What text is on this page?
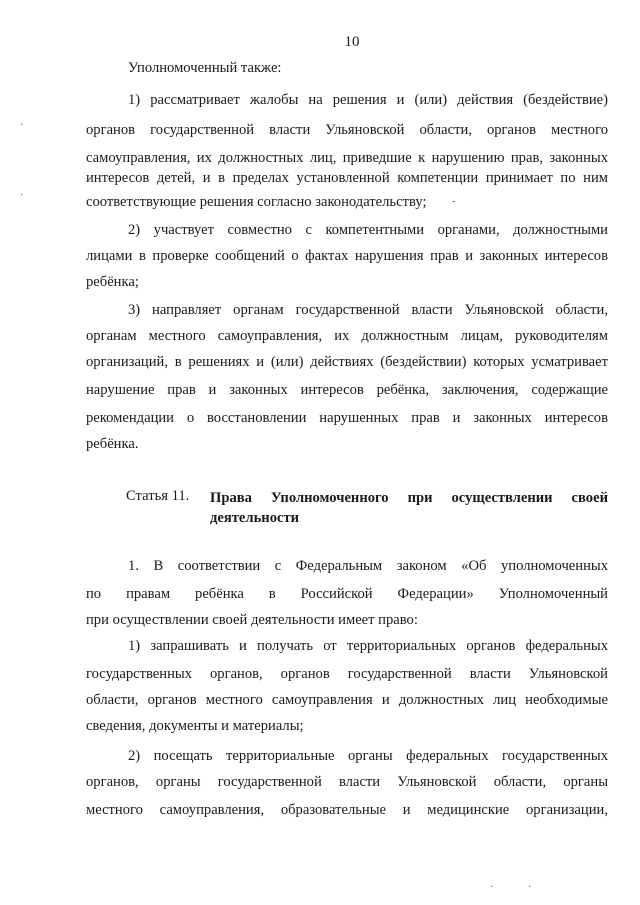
10
Уполномоченный также:
1) рассматривает жалобы на решения и (или) действия (бездействие)
органов государственной власти Ульяновской области, органов местного
самоуправления, их должностных лиц, приведшие к нарушению прав, законных
интересов детей, и в пределах установленной компетенции принимает по ним
соответствующие решения согласно законодательству;
2) участвует совместно с компетентными органами, должностными
лицами в проверке сообщений о фактах нарушения прав и законных интересов
ребёнка;
3) направляет органам государственной власти Ульяновской области,
органам местного самоуправления, их должностным лицам, руководителям
организаций, в решениях и (или) действиях (бездействии) которых усматривает
нарушение прав и законных интересов ребёнка, заключения, содержащие
рекомендации о восстановлении нарушенных прав и законных интересов
ребёнка.
Статья 11. Права Уполномоченного при осуществлении своей
деятельности
1. В соответствии с Федеральным законом «Об уполномоченных
по правам ребёнка в Российской Федерации» Уполномоченный
при осуществлении своей деятельности имеет право:
1) запрашивать и получать от территориальных органов федеральных
государственных органов, органов государственной власти Ульяновской
области, органов местного самоуправления и должностных лиц необходимые
сведения, документы и материалы;
2) посещать территориальные органы федеральных государственных
органов, органы государственной власти Ульяновской области, органы
местного самоуправления, образовательные и медицинские организации,
·
·
-
·	·
